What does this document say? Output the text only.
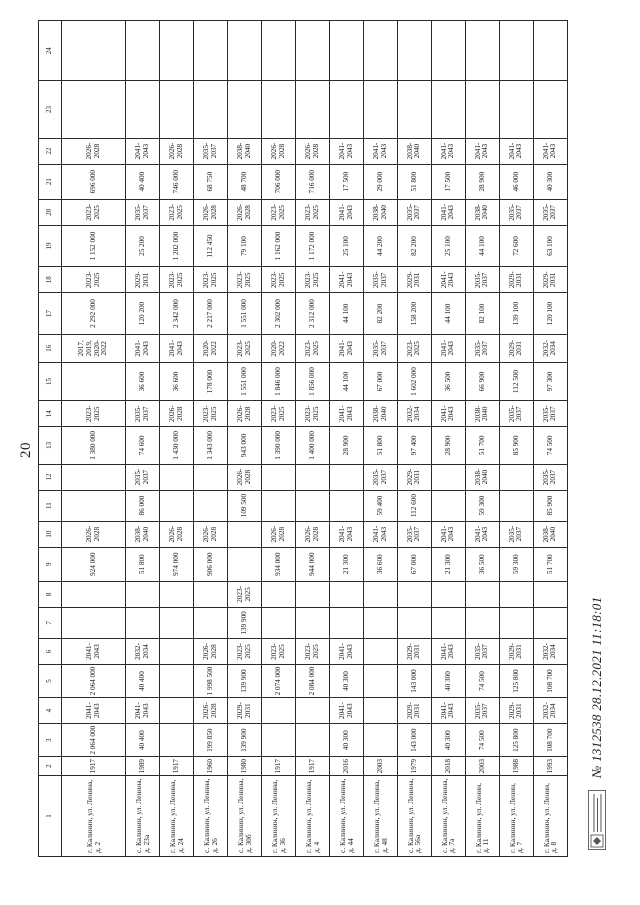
20
1	2	3	4	5	6	7	8	9	10	11	12	13	14	15	16	17	18	19	20	21	22	23	24
г. Калинин, ул. Ленина, д. 2	1917	2 064 000	2041-2043	2 064 000	2041-2043			924 000	2026-2028			1 380 000	2023-2025		2017, 2019, 2020-2022	2 292 000	2023-2025	1 152 000	2023-2025	696 000	2026-2028		
с. Калинин, ул. Ленина, д. 23а	1989	40 400	2041-2043	40 400	2032-2034			51 800	2038-2040	86 000	2035-2037	74 600	2035-2037	36 600	2041-2043	120 200	2029-2031	25 200	2035-2037	40 400	2041-2043		
г. Калинин, ул. Ленина, д. 24	1917							974 000	2026-2028			1 430 000	2026-2028	36 600	2041-2043	2 342 000	2023-2025	1 202 000	2023-2025	746 000	2026-2028		
с. Калинин, ул. Ленина, д. 26	1960	199 850	2026-2028	1 998 500	2026-2028			906 000	2026-2028			1 343 000	2023-2025	178 000	2020-2022	2 217 000	2023-2025	112 450	2026-2028	68 750	2035-2037		
с. Калинин, ул. Ленина, д. 30б	1980	139 900	2029-2031	139 900	2023-2025	139 900	2023-2025			109 500	2026-2028	943 000	2026-2028	1 551 000	2023-2025	1 551 000	2023-2025	79 100	2026-2028	48 700	2038-2040		
г. Калинин, ул. Ленина, д. 36	1917			2 074 000	2023-2025			934 000	2026-2028			1 390 000	2023-2025	1 846 000	2020-2022	2 302 000	2023-2025	1 162 000	2023-2025	706 000	2026-2028		
г. Калинин, ул. Ленина, д. 4	1917			2 084 000	2023-2025			944 000	2026-2028			1 400 000	2023-2025	1 856 000	2023-2025	2 312 000	2023-2025	1 172 000	2023-2025	716 000	2026-2028		
с. Калинин, ул. Ленина, д. 44	2016	40 300	2041-2043	40 300	2041-2043			21 300	2041-2043			28 900	2041-2043	44 100	2041-2043	44 100	2041-2043	25 100	2041-2043	17 500	2041-2043		
г. Калинин, ул. Ленина, д. 48	2003							36 600	2041-2043	59 400	2035-2037	51 800	2038-2040	67 000	2035-2037	82 200	2035-2037	44 200	2038-2040	29 000	2041-2043		
с. Калинин, ул. Ленина, д. 56а	1979	143 000	2029-2031	143 000	2029-2031			67 000	2035-2037	112 600	2029-2031	97 400	2032-2034	1 602 000	2023-2025	158 200	2029-2031	82 200	2035-2037	51 800	2038-2040		
с. Калинин, ул. Ленина, д. 7а	2018	40 300	2041-2043	40 300	2041-2043			21 300	2041-2043			28 900	2041-2043	36 500	2041-2043	44 100	2041-2043	25 100	2041-2043	17 500	2041-2043		
г. Калинин, ул. Ленин, д. 11	2003	74 500	2035-2037	74 500	2035-2037			36 500	2041-2043	59 300	2038-2040	51 700	2038-2040	66 900	2035-2037	82 100	2035-2037	44 100	2038-2040	28 900	2041-2043		
г. Калинин, ул. Ленин, д. 7	1988	125 800	2029-2031	125 800	2029-2031			59 300	2035-2037			85 900	2035-2037	112 500	2029-2031	139 100	2029-2031	72 600	2035-2037	46 000	2041-2043		
г. Калинин, ул. Ленин, д. 8	1993	108 700	2032-2034	108 700	2032-2034			51 700	2038-2040	85 900	2035-2037	74 500	2035-2037	97 300	2032-2034	120 100	2029-2031	63 100	2035-2037	40 300	2041-2043		
№ 1312538 28.12.2021 11:18:01
